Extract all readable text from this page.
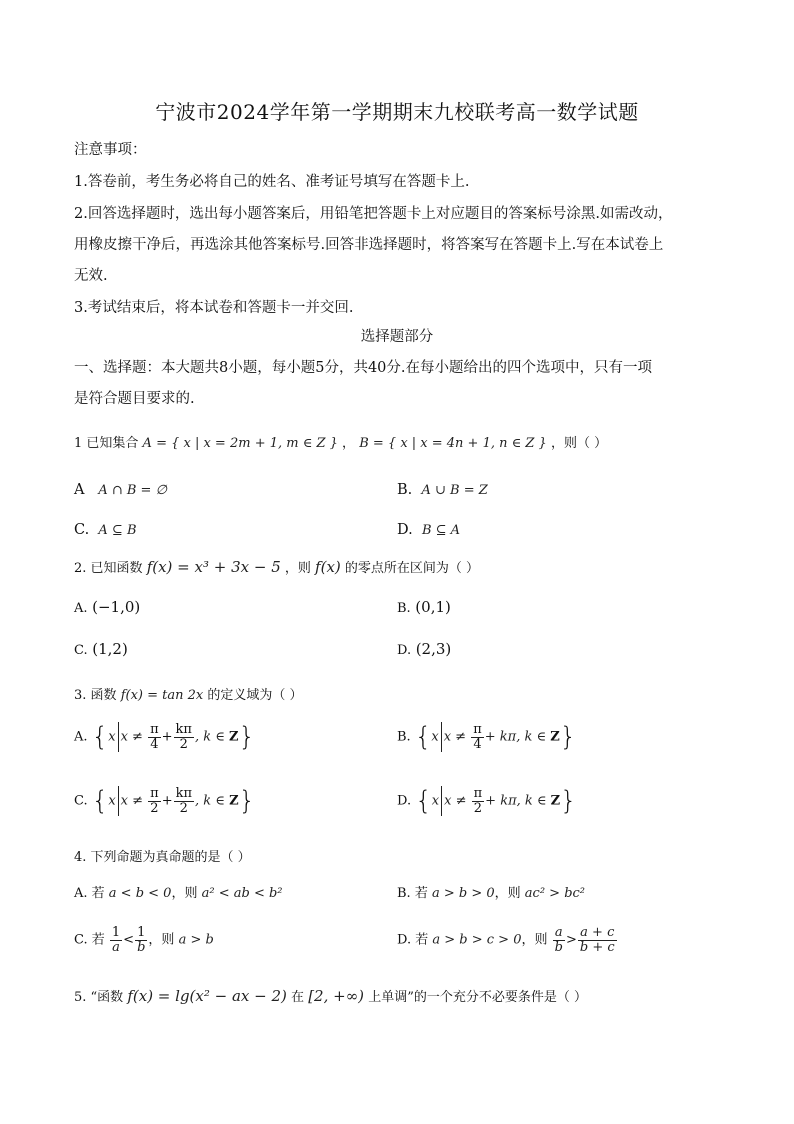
宁波市2024学年第一学期期末九校联考高一数学试题
注意事项：
1.答卷前，考生务必将自己的姓名、准考证号填写在答题卡上.
2.回答选择题时，选出每小题答案后，用铅笔把答题卡上对应题目的答案标号涂黑.如需改动，
用橡皮擦干净后，再选涂其他答案标号.回答非选择题时，将答案写在答题卡上.写在本试卷上
无效.
3.考试结束后，将本试卷和答题卡一并交回.
选择题部分
一、选择题：本大题共8小题，每小题5分，共40分.在每小题给出的四个选项中，只有一项
是符合题目要求的.
1 已知集合 A = { x | x = 2m + 1, m ∈ Z } ， B = { x | x = 4n + 1, n ∈ Z } ，则（ ）
A A ∩ B = ∅	B. A ∪ B = Z
C. A ⊆ B	D. B ⊆ A
2. 已知函数 f(x) = x³ + 3x − 5 ，则 f(x) 的零点所在区间为（ ）
A. (−1,0)	B. (0,1)
C. (1,2)	D. (2,3)
3. 函数 f(x) = tan 2x 的定义域为（ ）
A. {x $x \ne \frac{\pi}{4} + \frac{k\pi}{2}$ , k ∈ Z}	B. {x $x \ne \frac{\pi}{4} + k\pi$, k ∈ Z}
C. {x $x \ne \frac{\pi}{2} + \frac{k\pi}{2}$ , k ∈ Z}	D. {x $x \ne \frac{\pi}{2} + k\pi$, k ∈ Z}
4. 下列命题为真命题的是（ ）
A. 若 a < b < 0，则 a² < ab < b²	B. 若 a > b > 0，则 ac² > bc²
C. 若 $\frac{1}{a} < \frac{1}{b}$ ，则 a > b	D. 若 a > b > c > 0，则 $\frac{a}{b} > \frac{a + c}{b + c}$
5. “函数 f(x) = lg(x² − ax − 2) 在 [2, +∞) 上单调”的一个充分不必要条件是（ ）
